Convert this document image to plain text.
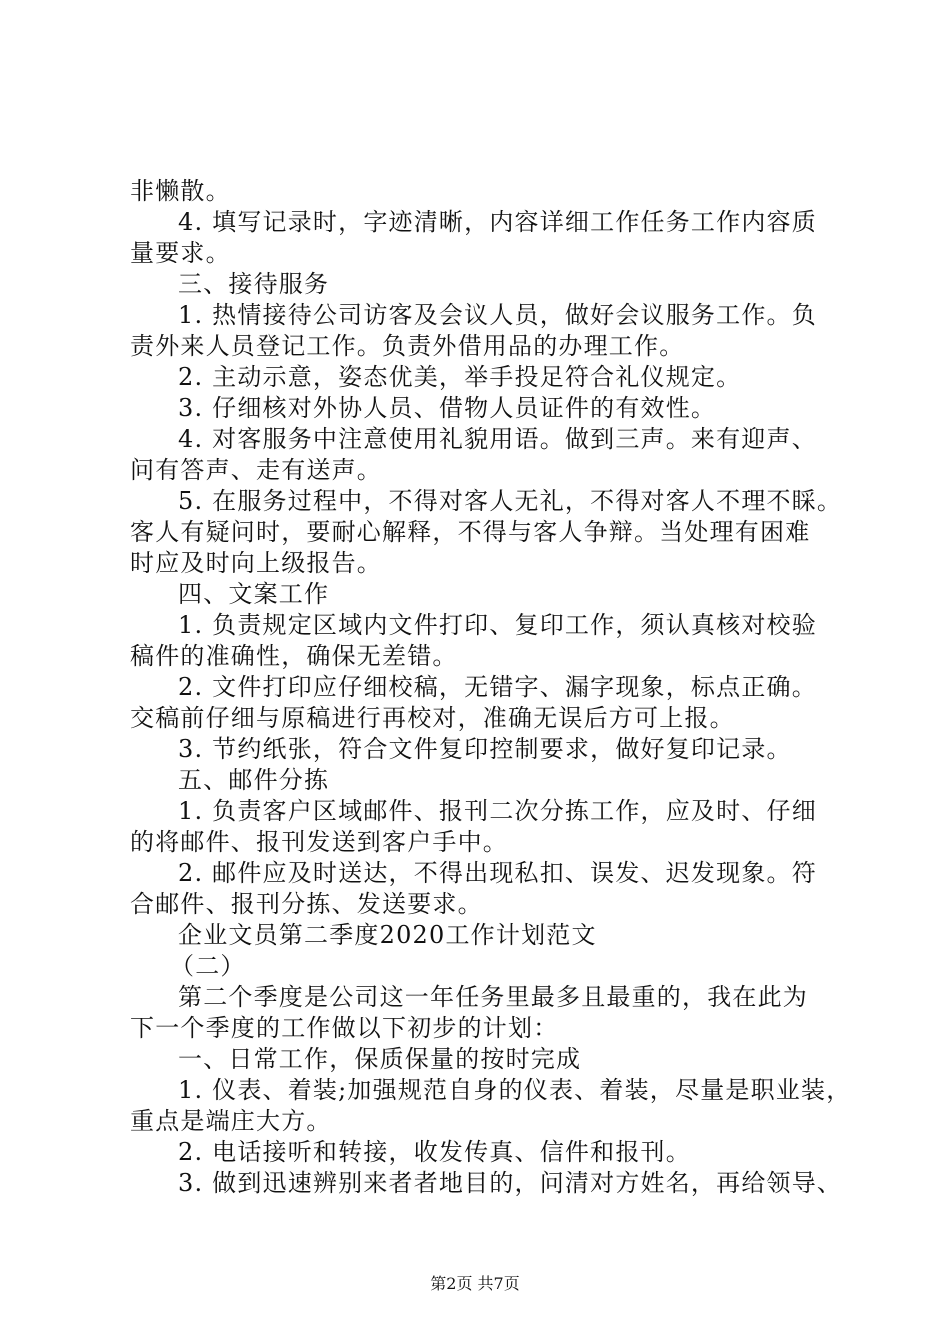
非懒散。
4. 填写记录时，字迹清晰，内容详细工作任务工作内容质
量要求。
三、接待服务
1. 热情接待公司访客及会议人员，做好会议服务工作。负
责外来人员登记工作。负责外借用品的办理工作。
2. 主动示意，姿态优美，举手投足符合礼仪规定。
3. 仔细核对外协人员、借物人员证件的有效性。
4. 对客服务中注意使用礼貌用语。做到三声。来有迎声、
问有答声、走有送声。
5. 在服务过程中，不得对客人无礼，不得对客人不理不睬。
客人有疑问时，要耐心解释，不得与客人争辩。当处理有困难
时应及时向上级报告。
四、文案工作
1. 负责规定区域内文件打印、复印工作，须认真核对校验
稿件的准确性，确保无差错。
2. 文件打印应仔细校稿，无错字、漏字现象，标点正确。
交稿前仔细与原稿进行再校对，准确无误后方可上报。
3. 节约纸张，符合文件复印控制要求，做好复印记录。
五、邮件分拣
1. 负责客户区域邮件、报刊二次分拣工作，应及时、仔细
的将邮件、报刊发送到客户手中。
2. 邮件应及时送达，不得出现私扣、误发、迟发现象。符
合邮件、报刊分拣、发送要求。
企业文员第二季度2020工作计划范文
（二）
第二个季度是公司这一年任务里最多且最重的，我在此为
下一个季度的工作做以下初步的计划：
一、日常工作，保质保量的按时完成
1. 仪表、着装;加强规范自身的仪表、着装，尽量是职业装，
重点是端庄大方。
2. 电话接听和转接，收发传真、信件和报刊。
3. 做到迅速辨别来者者地目的，问清对方姓名，再给领导、
第2页 共7页
